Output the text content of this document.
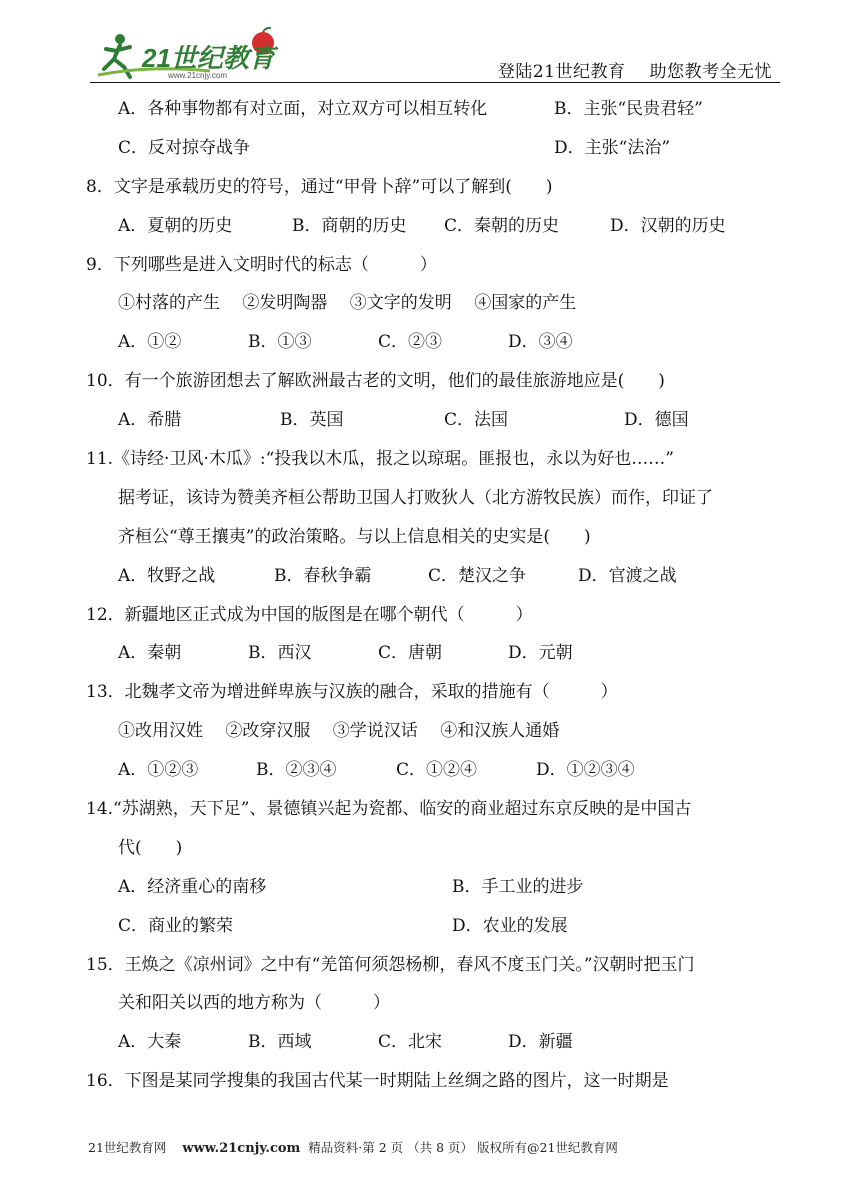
21世纪教育
www.21cnjy.com	登陆21世纪教育 助您教考全无忧
A．各种事物都有对立面，对立双方可以相互转化	B．主张“民贵君轻”
C．反对掠夺战争	D．主张“法治”
8．文字是承载历史的符号，通过“甲骨卜辞”可以了解到(　　)
A．夏朝的历史	B．商朝的历史 C．秦朝的历史	D．汉朝的历史
9．下列哪些是进入文明时代的标志（　　　）
①村落的产生　 ②发明陶器　 ③文字的发明　 ④国家的产生
A．①②	B．①③	C．②③	D．③④
10．有一个旅游团想去了解欧洲最古老的文明，他们的最佳旅游地应是(　　)
A．希腊	B．英国	C．法国	D．德国
11.《诗经·卫风·木瓜》:“投我以木瓜，报之以琼琚。匪报也，永以为好也……”
据考证，该诗为赞美齐桓公帮助卫国人打败狄人（北方游牧民族）而作，印证了
齐桓公“尊王攘夷”的政治策略。与以上信息相关的史实是(　　)
A．牧野之战	B．春秋争霸	C．楚汉之争	D．官渡之战
12．新疆地区正式成为中国的版图是在哪个朝代（　　　）
A．秦朝	B．西汉	C．唐朝	D．元朝
13．北魏孝文帝为增进鲜卑族与汉族的融合，采取的措施有（　　　）
①改用汉姓　 ②改穿汉服　 ③学说汉话　 ④和汉族人通婚
A．①②③	B．②③④	C．①②④	D．①②③④
14.“苏湖熟，天下足”、景德镇兴起为瓷都、临安的商业超过东京反映的是中国古
代(　　)
A．经济重心的南移	B．手工业的进步
C．商业的繁荣	D．农业的发展
15．王焕之《凉州词》之中有“羌笛何须怨杨柳，春风不度玉门关。”汉朝时把玉门
关和阳关以西的地方称为（　　　）
A．大秦	B．西域	C．北宋	D．新疆
16．下图是某同学搜集的我国古代某一时期陆上丝绸之路的图片，这一时期是
21世纪教育网 www.21cnjy.com 精品资料·第 2 页 （共 8 页） 版权所有@21世纪教育网
